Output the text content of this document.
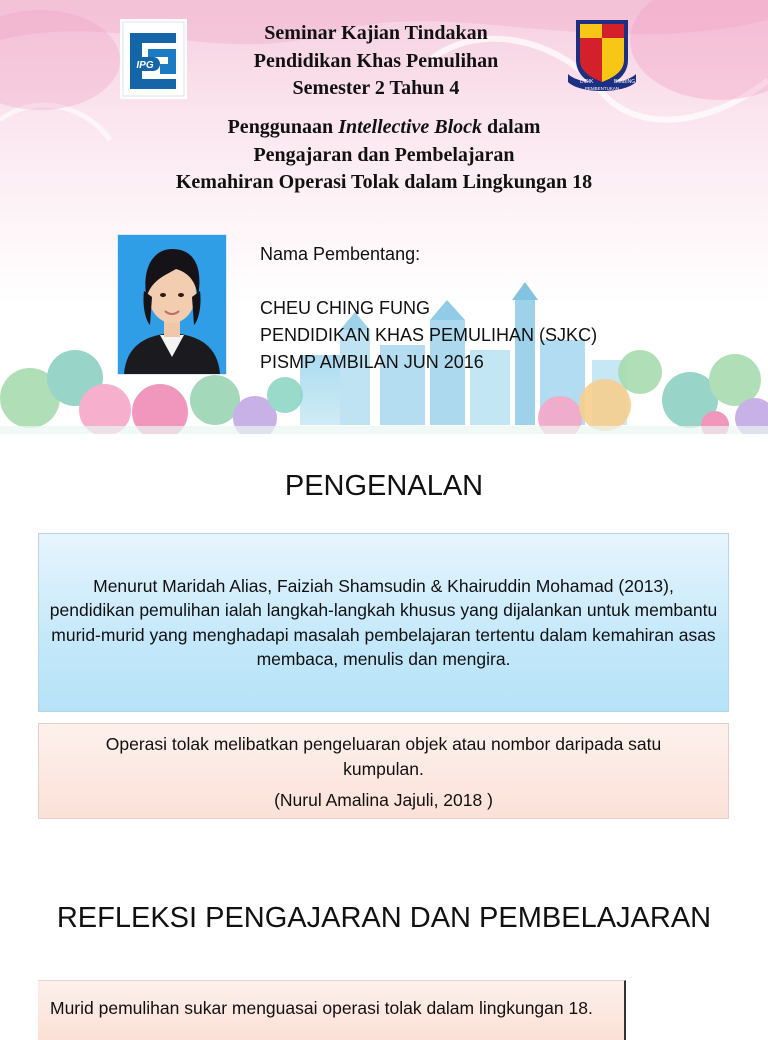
IPG
Seminar Kajian Tindakan
Pendidikan Khas Pemulihan
Semester 2 Tahun 4	DIDIK	BIMBING
PEMBENTUKAN
Penggunaan Intellective Block dalam
Pengajaran dan Pembelajaran
Kemahiran Operasi Tolak dalam Lingkungan 18
Nama Pembentang:

CHEU CHING FUNG
PENDIDIKAN KHAS PEMULIHAN (SJKC)
PISMP AMBILAN JUN 2016
PENGENALAN
Menurut Maridah Alias, Faiziah Shamsudin & Khairuddin Mohamad (2013), pendidikan pemulihan ialah langkah-langkah khusus yang dijalankan untuk membantu murid-murid yang menghadapi masalah pembelajaran tertentu dalam kemahiran asas membaca, menulis dan mengira.
Operasi tolak melibatkan pengeluaran objek atau nombor daripada satu kumpulan.
(Nurul Amalina Jajuli, 2018 )
REFLEKSI PENGAJARAN DAN PEMBELAJARAN
Murid pemulihan sukar menguasai operasi tolak dalam lingkungan 18.
